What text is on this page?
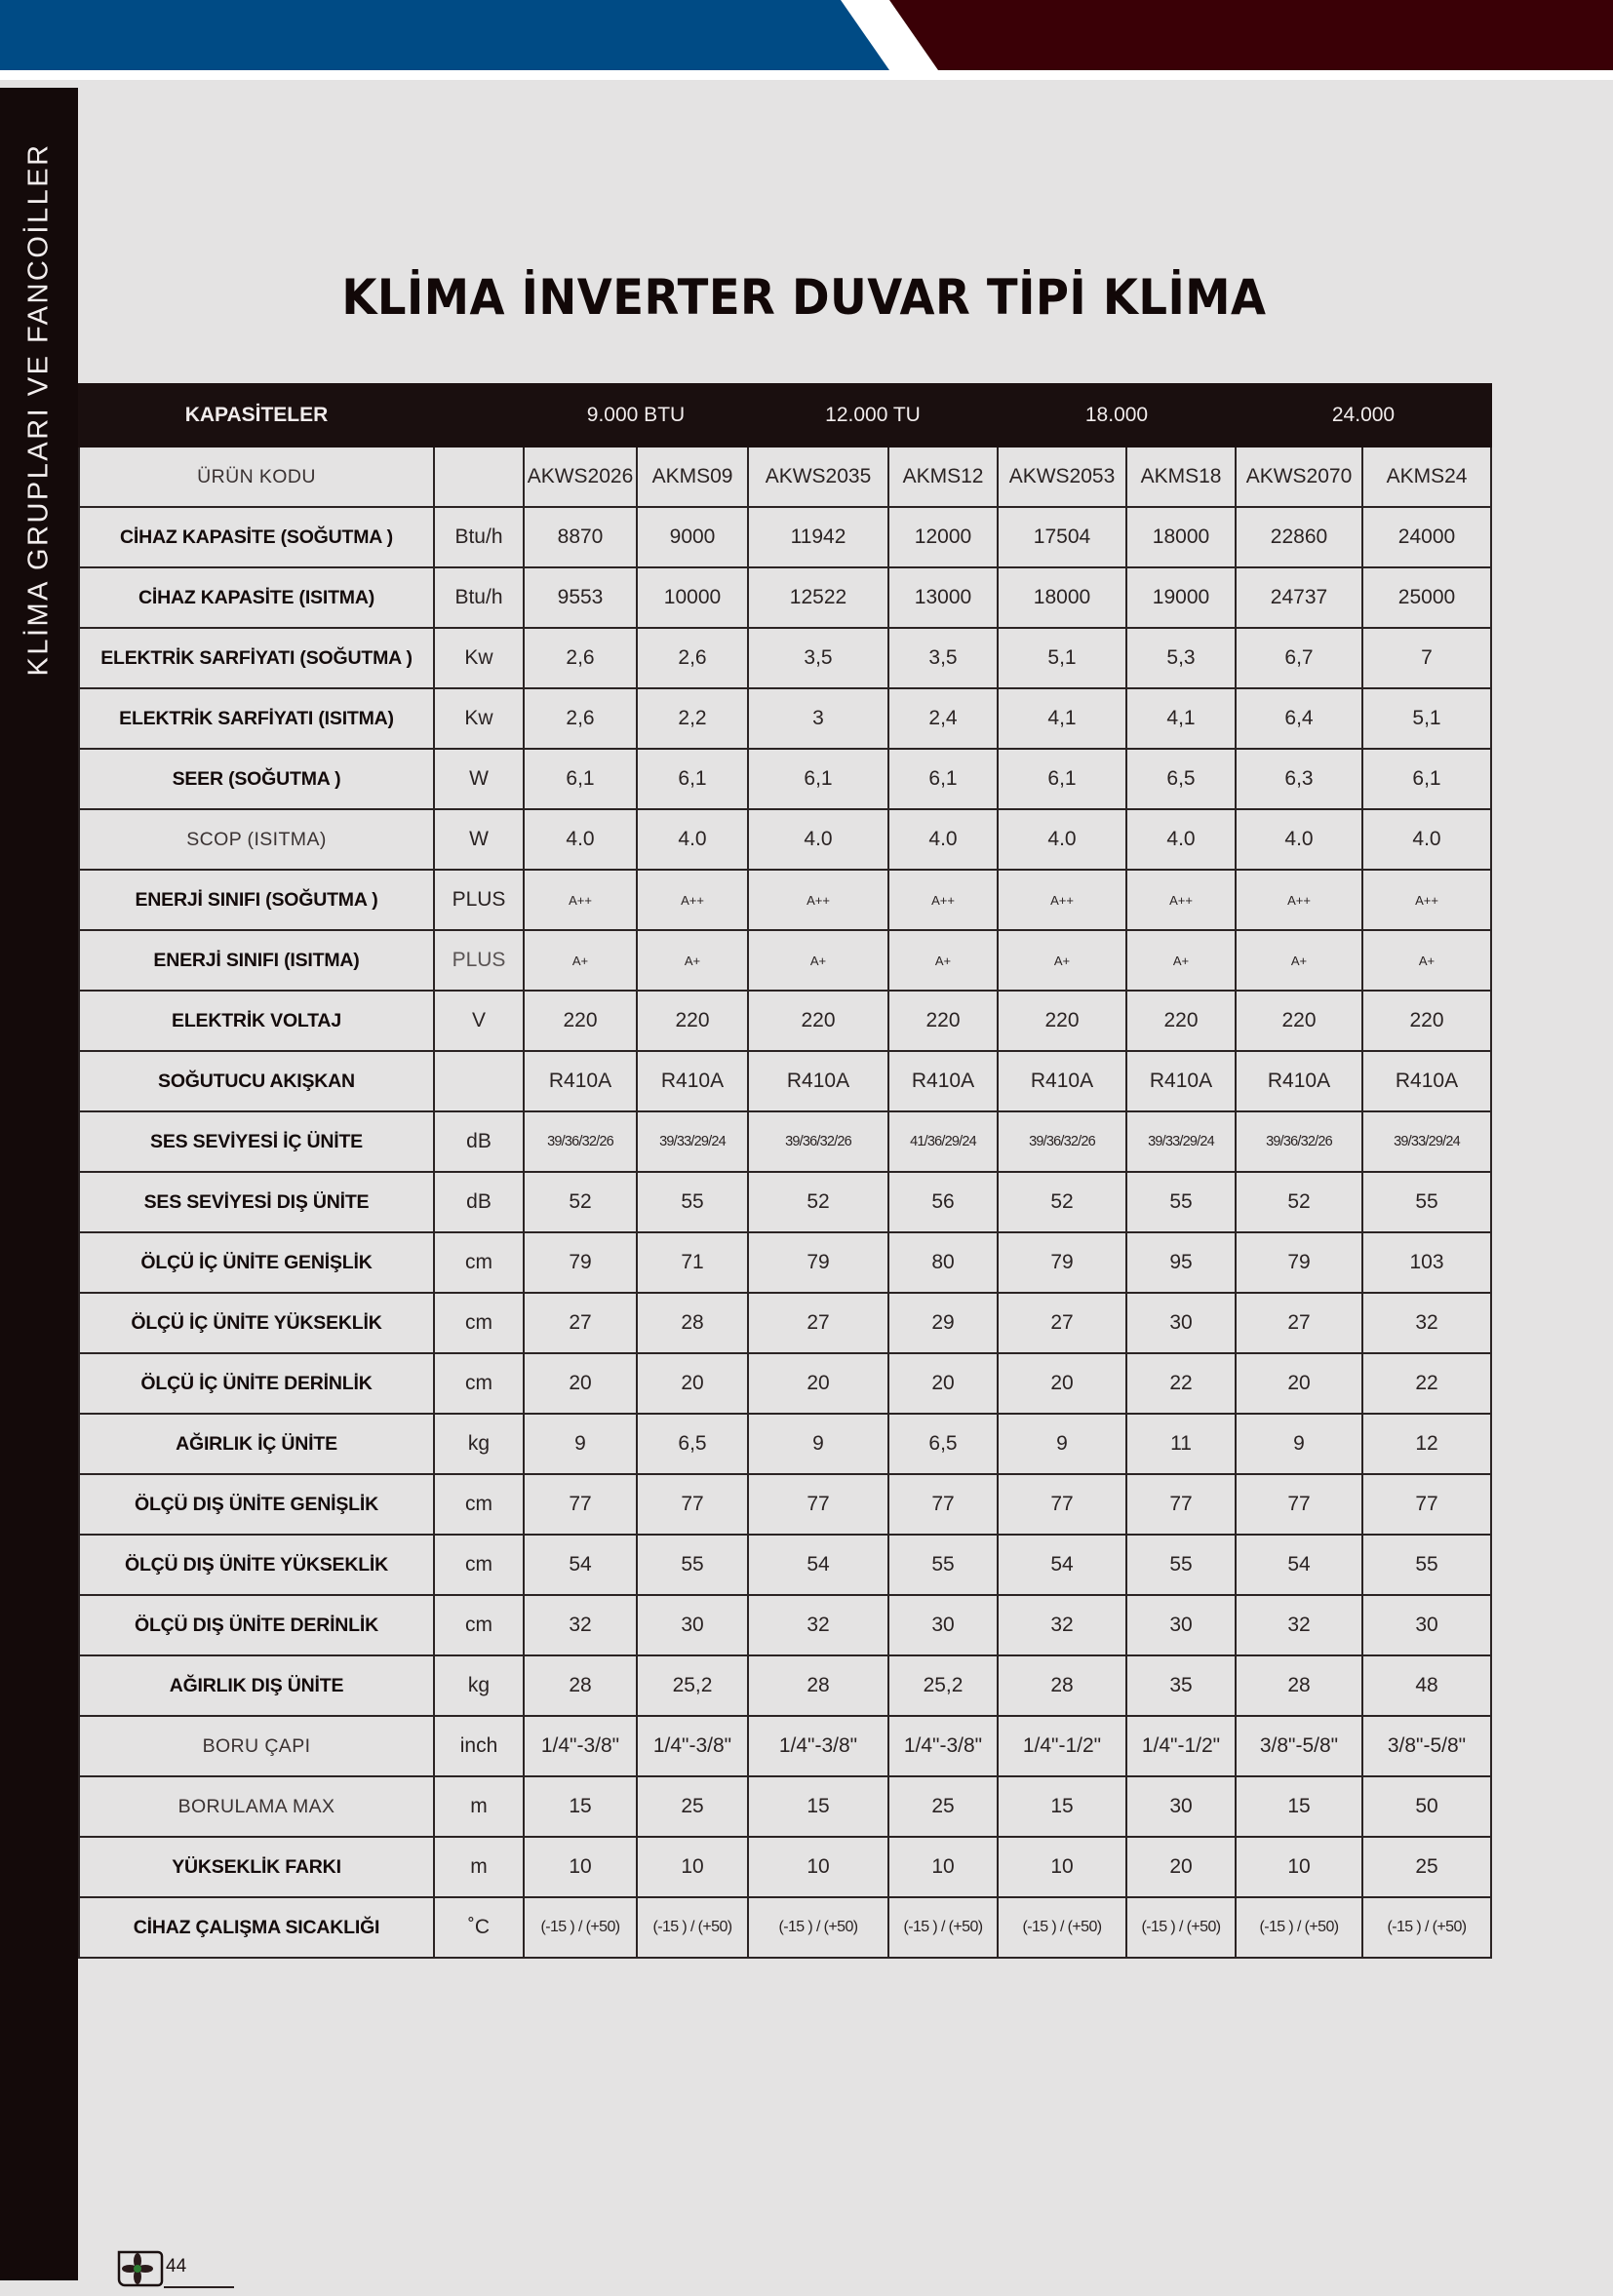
KLİMA GRUPLARI VE FANCOİLLER	KLİMA İNVERTER DUVAR TİPİ KLİMA
KAPASİTELER		9.000 BTU		12.000 TU		18.000		24.000	
ÜRÜN KODU		AKWS2026	AKMS09	AKWS2035	AKMS12	AKWS2053	AKMS18	AKWS2070	AKMS24
CİHAZ KAPASİTE (SOĞUTMA )	Btu/h	8870	9000	11942	12000	17504	18000	22860	24000
CİHAZ KAPASİTE (ISITMA)	Btu/h	9553	10000	12522	13000	18000	19000	24737	25000
ELEKTRİK SARFİYATI (SOĞUTMA )	Kw	2,6	2,6	3,5	3,5	5,1	5,3	6,7	7
ELEKTRİK SARFİYATI (ISITMA)	Kw	2,6	2,2	3	2,4	4,1	4,1	6,4	5,1
SEER (SOĞUTMA )	W	6,1	6,1	6,1	6,1	6,1	6,5	6,3	6,1
SCOP (ISITMA)	W	4.0	4.0	4.0	4.0	4.0	4.0	4.0	4.0
ENERJİ SINIFI (SOĞUTMA )	PLUS	A++	A++	A++	A++	A++	A++	A++	A++
ENERJİ SINIFI (ISITMA)	PLUS	A+	A+	A+	A+	A+	A+	A+	A+
ELEKTRİK VOLTAJ	V	220	220	220	220	220	220	220	220
SOĞUTUCU AKIŞKAN		R410A	R410A	R410A	R410A	R410A	R410A	R410A	R410A
SES SEVİYESİ İÇ ÜNİTE	dB	39/36/32/26	39/33/29/24	39/36/32/26	41/36/29/24	39/36/32/26	39/33/29/24	39/36/32/26	39/33/29/24
SES SEVİYESİ DIŞ ÜNİTE	dB	52	55	52	56	52	55	52	55
ÖLÇÜ İÇ ÜNİTE GENİŞLİK	cm	79	71	79	80	79	95	79	103
ÖLÇÜ İÇ ÜNİTE YÜKSEKLİK	cm	27	28	27	29	27	30	27	32
ÖLÇÜ İÇ ÜNİTE DERİNLİK	cm	20	20	20	20	20	22	20	22
AĞIRLIK İÇ ÜNİTE	kg	9	6,5	9	6,5	9	11	9	12
ÖLÇÜ DIŞ ÜNİTE GENİŞLİK	cm	77	77	77	77	77	77	77	77
ÖLÇÜ DIŞ ÜNİTE YÜKSEKLİK	cm	54	55	54	55	54	55	54	55
ÖLÇÜ DIŞ ÜNİTE DERİNLİK	cm	32	30	32	30	32	30	32	30
AĞIRLIK DIŞ ÜNİTE	kg	28	25,2	28	25,2	28	35	28	48
BORU ÇAPI	inch	1/4"-3/8"	1/4"-3/8"	1/4"-3/8"	1/4"-3/8"	1/4"-1/2"	1/4"-1/2"	3/8"-5/8"	3/8"-5/8"
BORULAMA MAX	m	15	25	15	25	15	30	15	50
YÜKSEKLİK FARKI	m	10	10	10	10	10	20	10	25
CİHAZ ÇALIŞMA SICAKLIĞI	˚C	(-15 ) / (+50)	(-15 ) / (+50)	(-15 ) / (+50)	(-15 ) / (+50)	(-15 ) / (+50)	(-15 ) / (+50)	(-15 ) / (+50)	(-15 ) / (+50)
44
